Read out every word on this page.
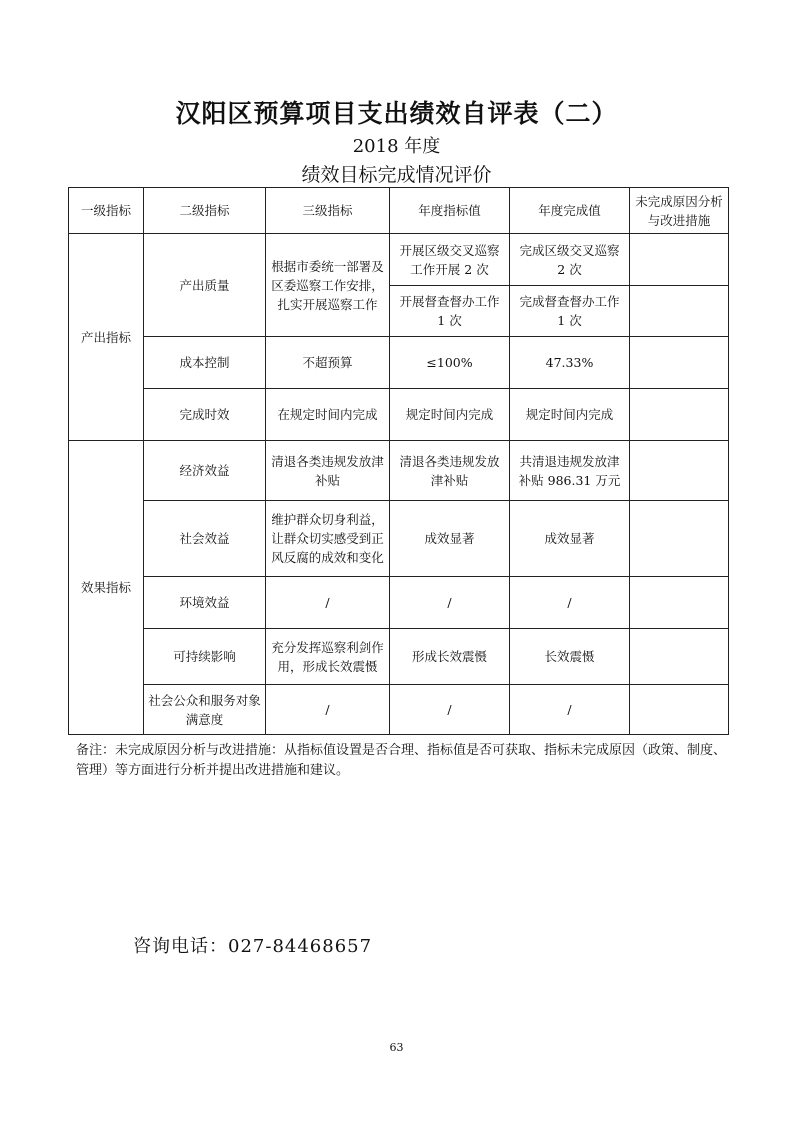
汉阳区预算项目支出绩效自评表（二）
2018 年度
绩效目标完成情况评价
一级指标	二级指标	三级指标	年度指标值	年度完成值	未完成原因分析与改进措施
产出指标	产出质量	根据市委统一部署及区委巡察工作安排，扎实开展巡察工作	开展区级交叉巡察工作开展 2 次	完成区级交叉巡察 2 次	
			开展督查督办工作 1 次	完成督查督办工作 1 次	
	成本控制	不超预算	≤100%	47.33%	
	完成时效	在规定时间内完成	规定时间内完成	规定时间内完成	

效果指标	经济效益	清退各类违规发放津补贴	清退各类违规发放津补贴	共清退违规发放津补贴 986.31 万元	
	社会效益	维护群众切身利益，让群众切实感受到正风反腐的成效和变化	成效显著	成效显著	
	环境效益	/	/	/	
	可持续影响	充分发挥巡察利剑作用，形成长效震慑	形成长效震慑	长效震慑	
	社会公众和服务对象满意度	/	/	/	
备注：未完成原因分析与改进措施：从指标值设置是否合理、指标值是否可获取、指标未完成原因（政策、制度、管理）等方面进行分析并提出改进措施和建议。
咨询电话：027-84468657
63
